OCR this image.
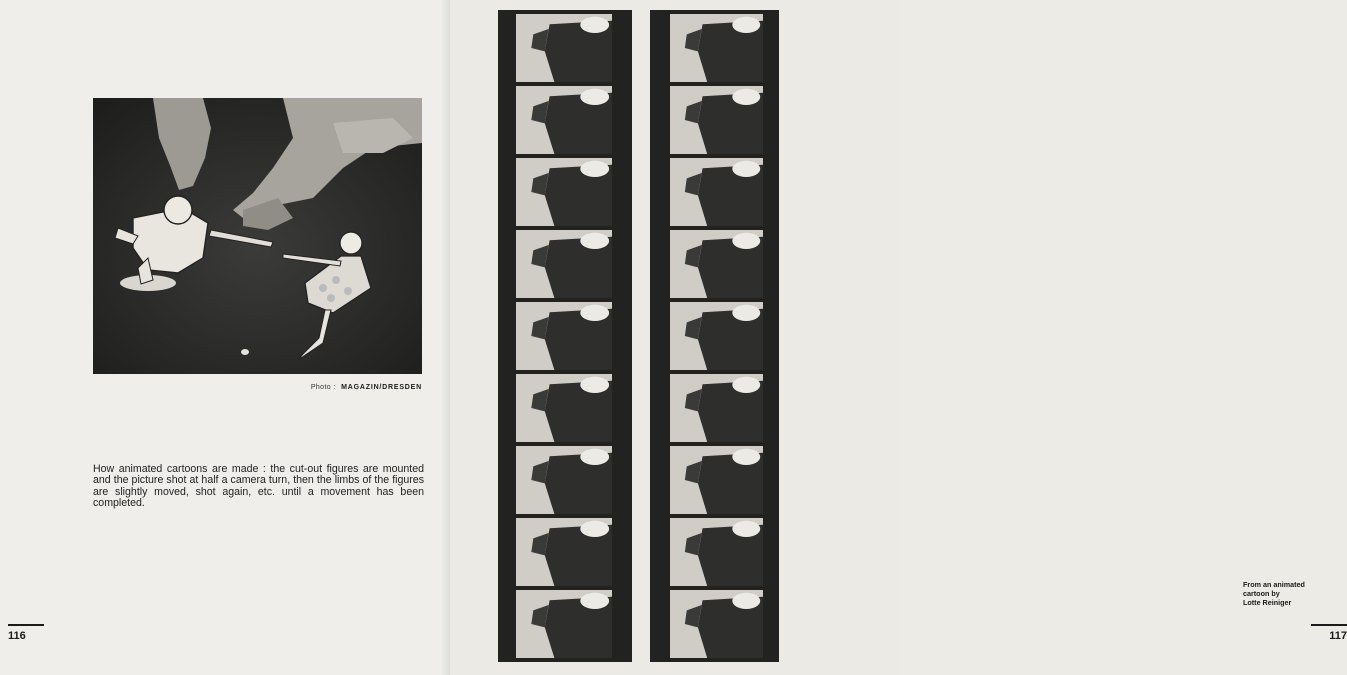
Photo : MAGAZIN/DRESDEN

How animated cartoons are made : the cut-out figures are mounted and the picture shot at half a camera turn, then the limbs of the figures are slightly moved, shot again, etc. until a movement has been completed.

116

From an animated
cartoon by
Lotte Reiniger

117
